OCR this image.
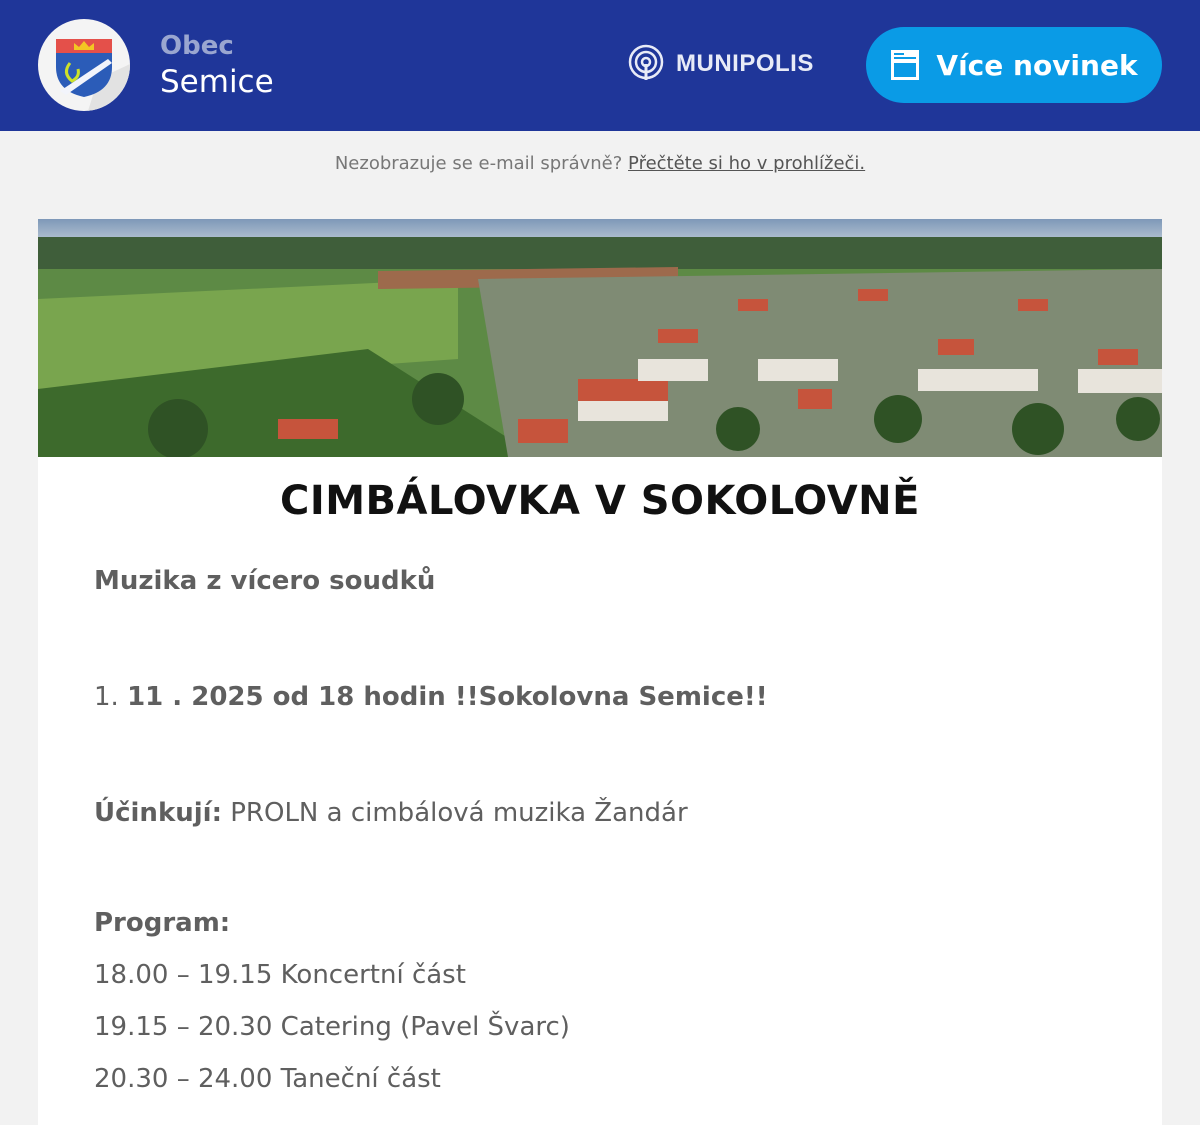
Obec
Semice
MUNIPOLIS	Více novinek
Nezobrazuje se e-mail správně? Přečtěte si ho v prohlížeči.
CIMBÁLOVKA V SOKOLOVNĚ
Muzika z vícero soudků
1. 11 . 2025 od 18 hodin !!Sokolovna Semice!!
Účinkují: PROLN a cimbálová muzika Žandár
Program:
18.00 – 19.15 Koncertní část
19.15 – 20.30 Catering (Pavel Švarc)
20.30 – 24.00 Taneční část
